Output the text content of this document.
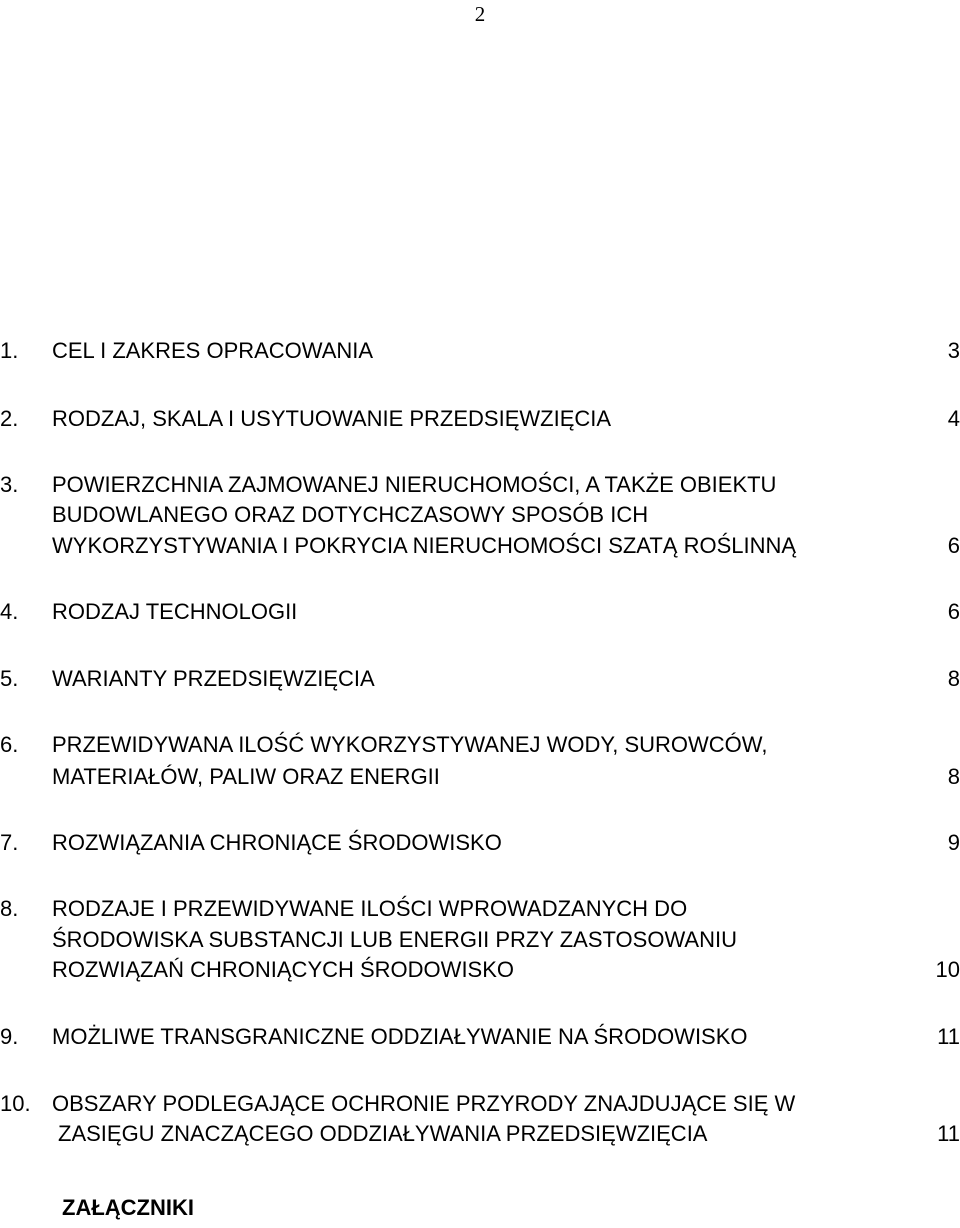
2
1. CEL I ZAKRES OPRACOWANIA	3
2. RODZAJ, SKALA I USYTUOWANIE PRZEDSIĘWZIĘCIA	4
3. POWIERZCHNIA ZAJMOWANEJ NIERUCHOMOŚCI, A TAKŻE OBIEKTU
BUDOWLANEGO ORAZ DOTYCHCZASOWY SPOSÓB ICH
WYKORZYSTYWANIA I POKRYCIA NIERUCHOMOŚCI SZATĄ ROŚLINNĄ	6
4. RODZAJ TECHNOLOGII	6
5. WARIANTY PRZEDSIĘWZIĘCIA	8
6. PRZEWIDYWANA ILOŚĆ WYKORZYSTYWANEJ WODY, SUROWCÓW,
MATERIAŁÓW, PALIW ORAZ ENERGII	8
7. ROZWIĄZANIA CHRONIĄCE ŚRODOWISKO	9
8. RODZAJE I PRZEWIDYWANE ILOŚCI WPROWADZANYCH DO
ŚRODOWISKA SUBSTANCJI LUB ENERGII PRZY ZASTOSOWANIU
ROZWIĄZAŃ CHRONIĄCYCH ŚRODOWISKO	10
9. MOŻLIWE TRANSGRANICZNE ODDZIAŁYWANIE NA ŚRODOWISKO	11
10. OBSZARY PODLEGAJĄCE OCHRONIE PRZYRODY ZNAJDUJĄCE SIĘ W
ZASIĘGU ZNACZĄCEGO ODDZIAŁYWANIA PRZEDSIĘWZIĘCIA	11
ZAŁĄCZNIKI
